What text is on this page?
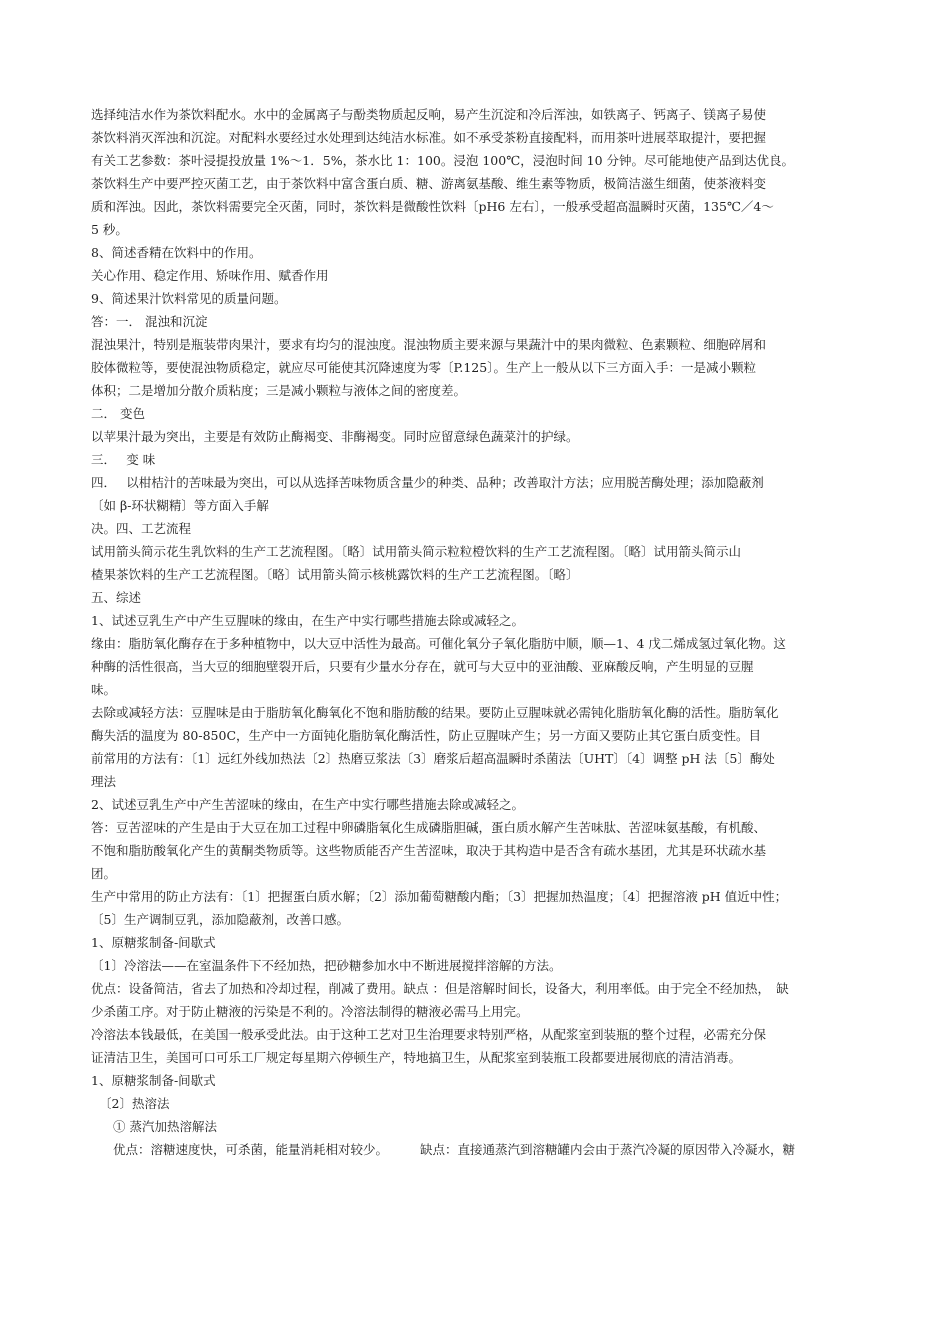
选择纯洁水作为茶饮料配水。水中的金属离子与酚类物质起反响，易产生沉淀和冷后浑浊，如铁离子、钙离子、镁离子易使
茶饮料消灭浑浊和沉淀。对配料水要经过水处理到达纯洁水标准。如不承受茶粉直接配料，而用茶叶进展萃取提汁，要把握
有关工艺参数：茶叶浸提投放量 1%～1．5%，茶水比 1：100。浸泡 100℃，浸泡时间 10 分钟。尽可能地使产品到达优良。
茶饮料生产中要严控灭菌工艺，由于茶饮料中富含蛋白质、糖、游离氨基酸、维生素等物质，极简洁滋生细菌，使茶液料变
质和浑浊。因此，茶饮料需要完全灭菌，同时，茶饮料是微酸性饮料〔pH6 左右〕，一般承受超高温瞬时灭菌，135℃／4～
5 秒。
8、简述香精在饮料中的作用。
关心作用、稳定作用、矫味作用、赋香作用
9、简述果汁饮料常见的质量问题。
答：一． 混浊和沉淀
混浊果汁，特别是瓶装带肉果汁，要求有均匀的混浊度。混浊物质主要来源与果蔬汁中的果肉微粒、色素颗粒、细胞碎屑和
胶体微粒等，要使混浊物质稳定，就应尽可能使其沉降速度为零〔P.125〕。生产上一般从以下三方面入手：一是减小颗粒
体积；二是增加分散介质粘度；三是减小颗粒与液体之间的密度差。
二． 变色
以苹果汁最为突出，主要是有效防止酶褐变、非酶褐变。同时应留意绿色蔬菜汁的护绿。
三．　 变 味
四．　 以柑桔汁的苦味最为突出，可以从选择苦味物质含量少的种类、品种；改善取汁方法；应用脱苦酶处理；添加隐蔽剂
〔如 β-环状糊精〕等方面入手解
决。四、工艺流程
试用箭头简示花生乳饮料的生产工艺流程图。〔略〕试用箭头简示粒粒橙饮料的生产工艺流程图。〔略〕试用箭头简示山
楂果茶饮料的生产工艺流程图。〔略〕试用箭头简示核桃露饮料的生产工艺流程图。〔略〕
五、综述
1、试述豆乳生产中产生豆腥味的缘由，在生产中实行哪些措施去除或减轻之。
缘由：脂肪氧化酶存在于多种植物中，以大豆中活性为最高。可催化氧分子氧化脂肪中顺，顺—1、4 戊二烯成氢过氧化物。这
种酶的活性很高，当大豆的细胞壁裂开后，只要有少量水分存在，就可与大豆中的亚油酸、亚麻酸反响，产生明显的豆腥
味。
去除或减轻方法：豆腥味是由于脂肪氧化酶氧化不饱和脂肪酸的结果。要防止豆腥味就必需钝化脂肪氧化酶的活性。脂肪氧化
酶失活的温度为 80-850C，生产中一方面钝化脂肪氧化酶活性，防止豆腥味产生；另一方面又要防止其它蛋白质变性。目
前常用的方法有：〔1〕远红外线加热法〔2〕热磨豆浆法〔3〕磨浆后超高温瞬时杀菌法〔UHT〕〔4〕调整 pH 法〔5〕酶处
理法
2、试述豆乳生产中产生苦涩味的缘由，在生产中实行哪些措施去除或减轻之。
答：豆苦涩味的产生是由于大豆在加工过程中卵磷脂氧化生成磷脂胆碱，蛋白质水解产生苦味肽、苦涩味氨基酸，有机酸、
不饱和脂肪酸氧化产生的黄酮类物质等。这些物质能否产生苦涩味，取决于其构造中是否含有疏水基团，尤其是环状疏水基
团。
生产中常用的防止方法有：〔1〕把握蛋白质水解；〔2〕添加葡萄糖酸内酯；〔3〕把握加热温度；〔4〕把握溶液 pH 值近中性；
〔5〕生产调制豆乳，添加隐蔽剂，改善口感。
1、原糖浆制备-间歇式
〔1〕冷溶法——在室温条件下不经加热，把砂糖参加水中不断进展搅拌溶解的方法。
优点：设备简洁，省去了加热和冷却过程，削减了费用。缺点 ：但是溶解时间长，设备大，利用率低。由于完全不经加热，　缺
少杀菌工序。对于防止糖液的污染是不利的。冷溶法制得的糖液必需马上用完。
冷溶法本钱最低，在美国一般承受此法。由于这种工艺对卫生治理要求特别严格，从配浆室到装瓶的整个过程，必需充分保
证清洁卫生，美国可口可乐工厂规定每星期六停顿生产，特地搞卫生，从配浆室到装瓶工段都要进展彻底的清洁消毒。
1、原糖浆制备-间歇式
〔2〕热溶法
① 蒸汽加热溶解法
优点：溶糖速度快，可杀菌，能量消耗相对较少。	缺点：直接通蒸汽到溶糖罐内会由于蒸汽冷凝的原因带入冷凝水，糖
